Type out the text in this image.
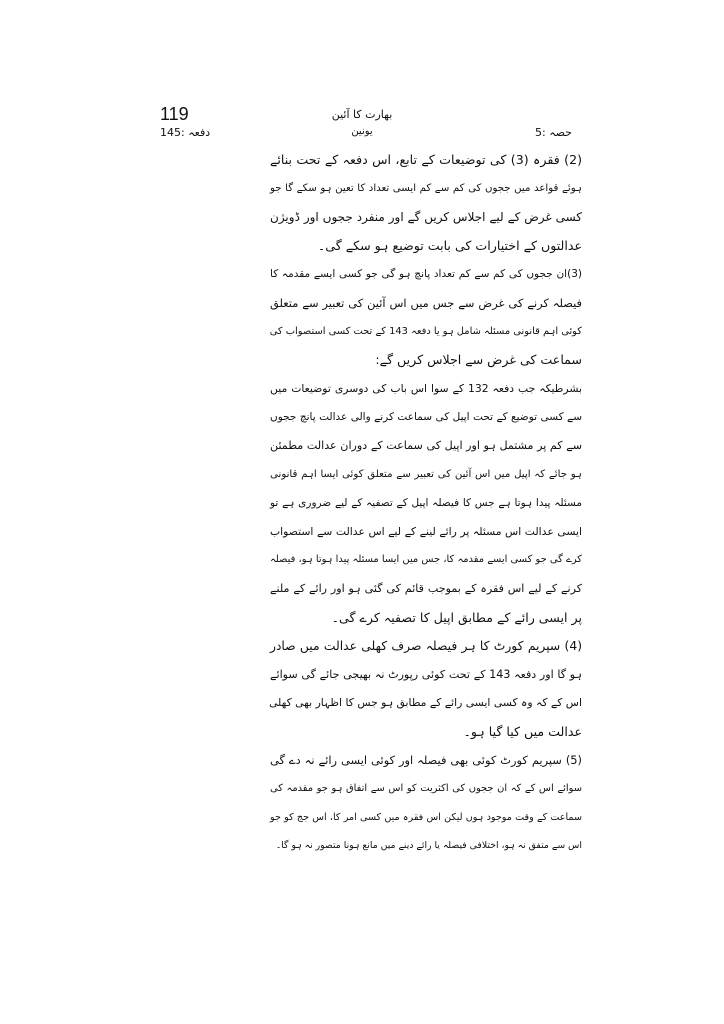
119	بھارت کا آئین
یونین
دفعہ :145	حصہ :5
(2) فقرہ (3) کی توضیعات کے تابع، اس دفعہ کے تحت بنائے
ہوئے قواعد میں ججوں کی کم سے کم ایسی تعداد کا تعین ہو سکے گا جو
کسی غرض کے لیے اجلاس کریں گے اور منفرد ججوں اور ڈویژن
عدالتوں کے اختیارات کی بابت توضیع ہو سکے گی۔
(3)ان ججوں کی کم سے کم تعداد پانچ ہو گی جو کسی ایسے مقدمہ کا
فیصلہ کرنے کی غرض سے جس میں اس آئین کی تعبیر سے متعلق
کوئی اہم قانونی مسئلہ شامل ہو یا دفعہ 143 کے تحت کسی استصواب کی
سماعت کی غرض سے اجلاس کریں گے:
بشرطیکہ جب دفعہ 132 کے سوا اس باب کی دوسری توضیعات میں
سے کسی توضیع کے تحت اپیل کی سماعت کرنے والی عدالت پانچ ججوں
سے کم پر مشتمل ہو اور اپیل کی سماعت کے دوران عدالت مطمئن
ہو جائے کہ اپیل میں اس آئین کی تعبیر سے متعلق کوئی ایسا اہم قانونی
مسئلہ پیدا ہوتا ہے جس کا فیصلہ اپیل کے تصفیہ کے لیے ضروری ہے تو
ایسی عدالت اس مسئلہ پر رائے لینے کے لیے اس عدالت سے استصواب
کرے گی جو کسی ایسے مقدمہ کا، جس میں ایسا مسئلہ پیدا ہوتا ہو، فیصلہ
کرنے کے لیے اس فقرہ کے بموجب قائم کی گئی ہو اور رائے کے ملنے
پر ایسی رائے کے مطابق اپیل کا تصفیہ کرے گی۔
(4) سپریم کورٹ کا ہر فیصلہ صرف کھلی عدالت میں صادر
ہو گا اور دفعہ 143 کے تحت کوئی رپورٹ نہ بھیجی جائے گی سوائے
اس کے کہ وہ کسی ایسی رائے کے مطابق ہو جس کا اظہار بھی کھلی
عدالت میں کیا گیا ہو۔
(5) سپریم کورٹ کوئی بھی فیصلہ اور کوئی ایسی رائے نہ دے گی
سوائے اس کے کہ ان ججوں کی اکثریت کو اس سے اتفاق ہو جو مقدمہ کی
سماعت کے وقت موجود ہوں لیکن اس فقرہ میں کسی امر کا، اس جج کو جو
اس سے متفق نہ ہو، اختلافی فیصلہ یا رائے دینے میں مانع ہونا متصور نہ ہو گا۔
